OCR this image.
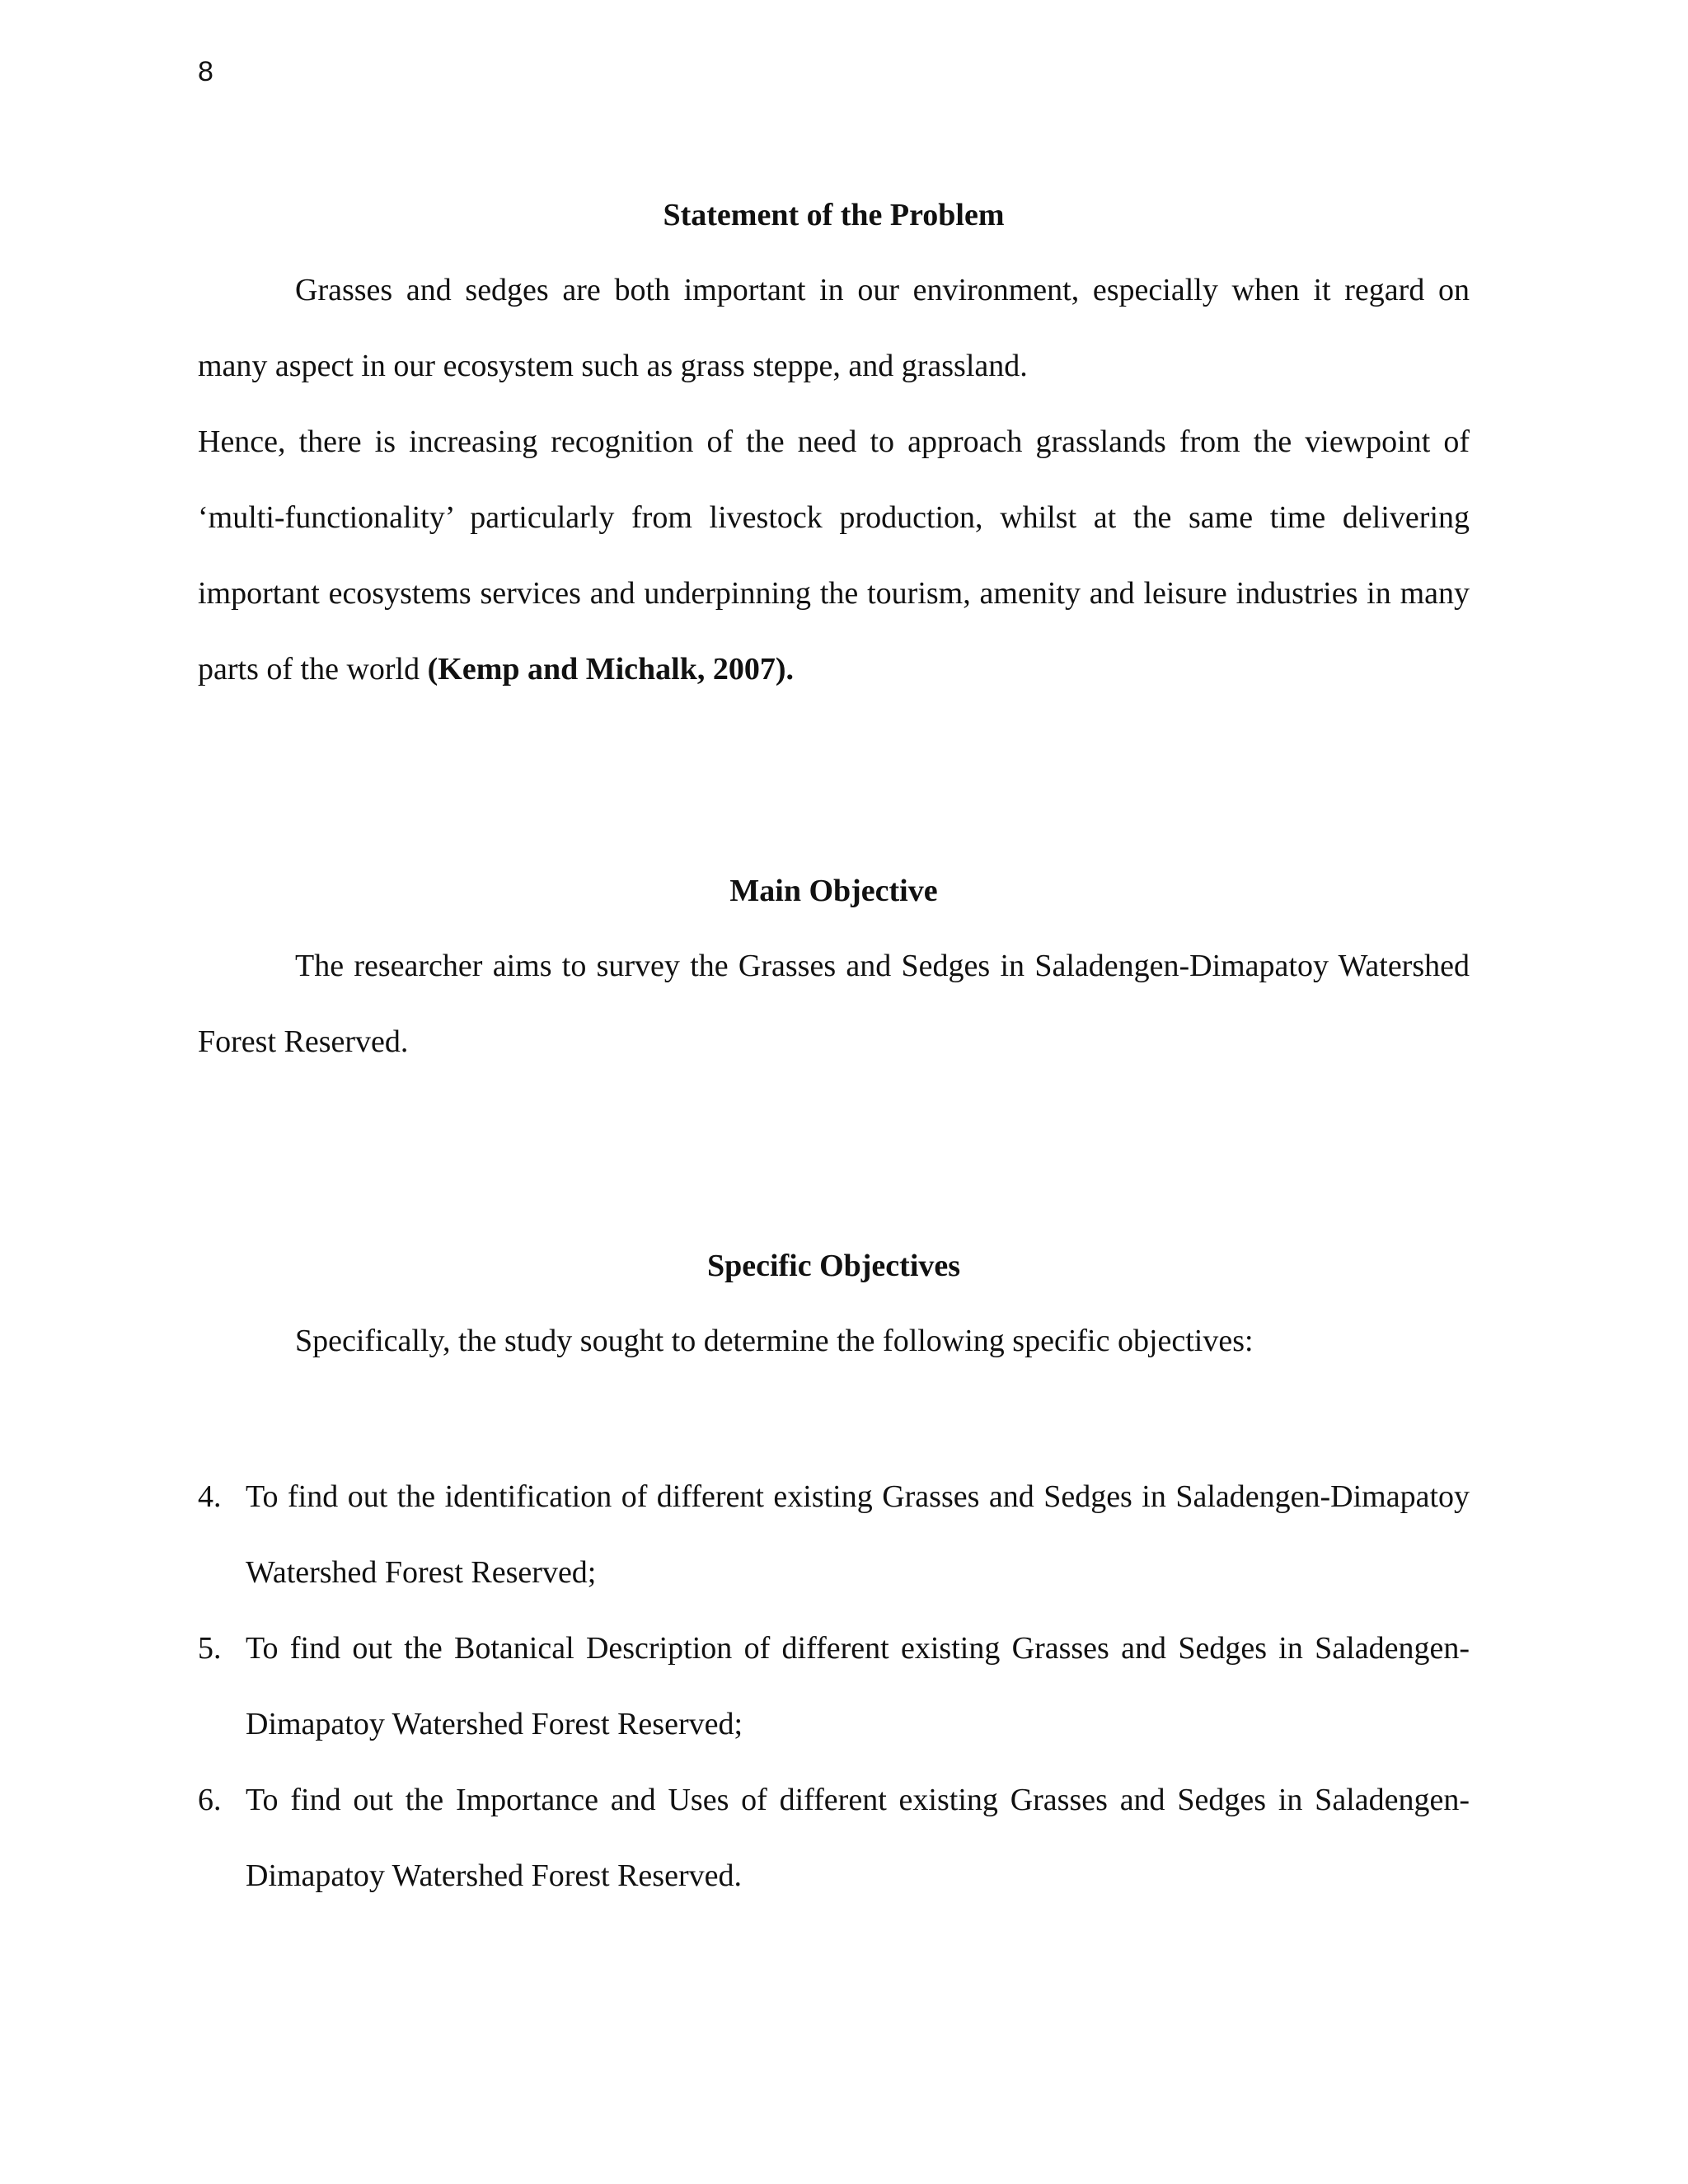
8
Statement of the Problem

Grasses and sedges are both important in our environment, especially when it regard on many aspect in our ecosystem such as grass steppe, and grassland.

Hence, there is increasing recognition of the need to approach grasslands from the viewpoint of ‘multi-functionality’ particularly from livestock production, whilst at the same time delivering important ecosystems services and underpinning the tourism, amenity and leisure industries in many parts of the world (Kemp and Michalk, 2007).

Main Objective

The researcher aims to survey the Grasses and Sedges in Saladengen-Dimapatoy Watershed Forest Reserved.

Specific Objectives

Specifically, the study sought to determine the following specific objectives:

4. To find out the identification of different existing Grasses and Sedges in Saladengen-Dimapatoy Watershed Forest Reserved;
5. To find out the Botanical Description of different existing Grasses and Sedges in Saladengen-Dimapatoy Watershed Forest Reserved;
6. To find out the Importance and Uses of different existing Grasses and Sedges in Saladengen-Dimapatoy Watershed Forest Reserved.
